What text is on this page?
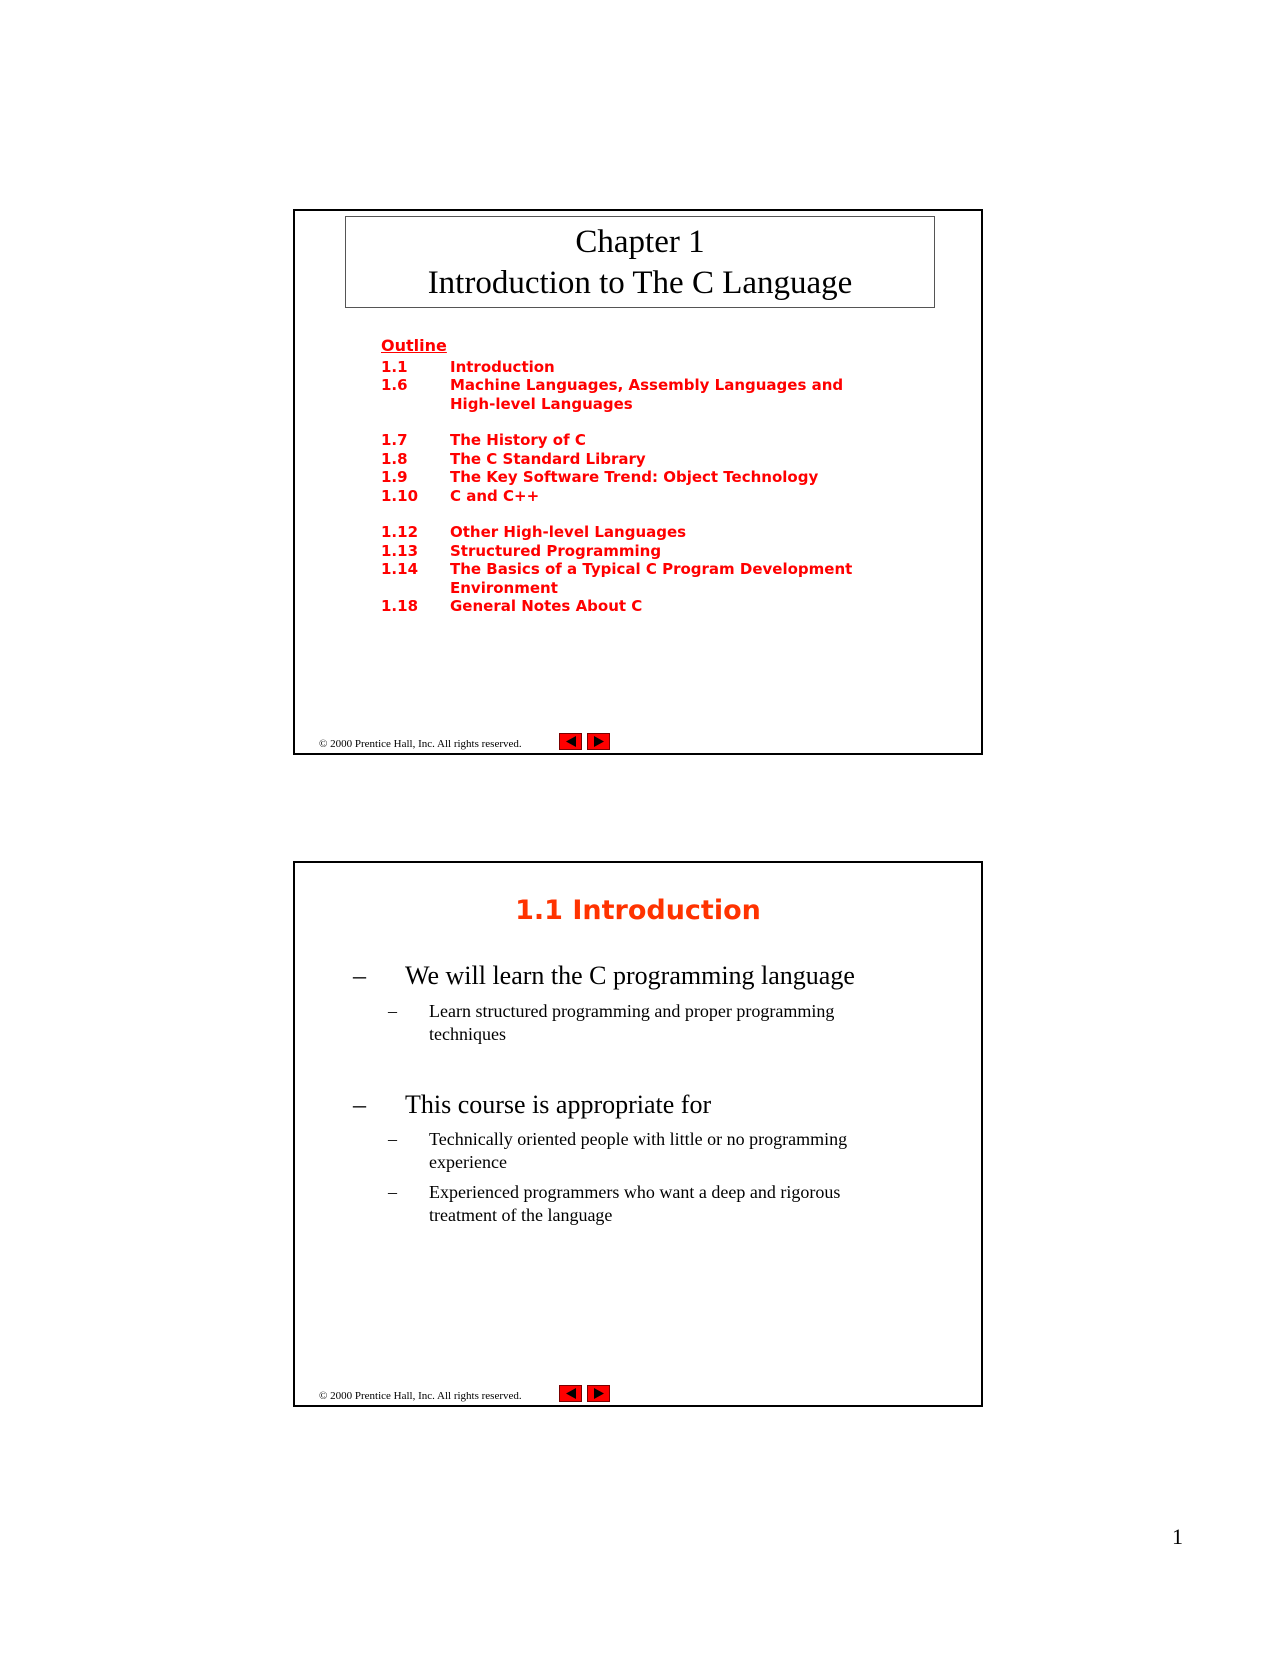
Chapter 1
Introduction to The C Language
Outline
1.1	Introduction
1.6	Machine Languages, Assembly Languages and High-level Languages
1.7	The History of C
1.8	The C Standard Library
1.9	The Key Software Trend: Object Technology
1.10	C and C++
1.12	Other High-level Languages
1.13	Structured Programming
1.14	The Basics of a Typical C Program Development Environment
1.18	General Notes About C
© 2000 Prentice Hall, Inc. All rights reserved.
1.1 Introduction
–	We will learn the C programming language
–	Learn structured programming and proper programming techniques
–	This course is appropriate for
–	Technically oriented people with little or no programming experience
–	Experienced programmers who want a deep and rigorous treatment of the language
© 2000 Prentice Hall, Inc. All rights reserved.
1
